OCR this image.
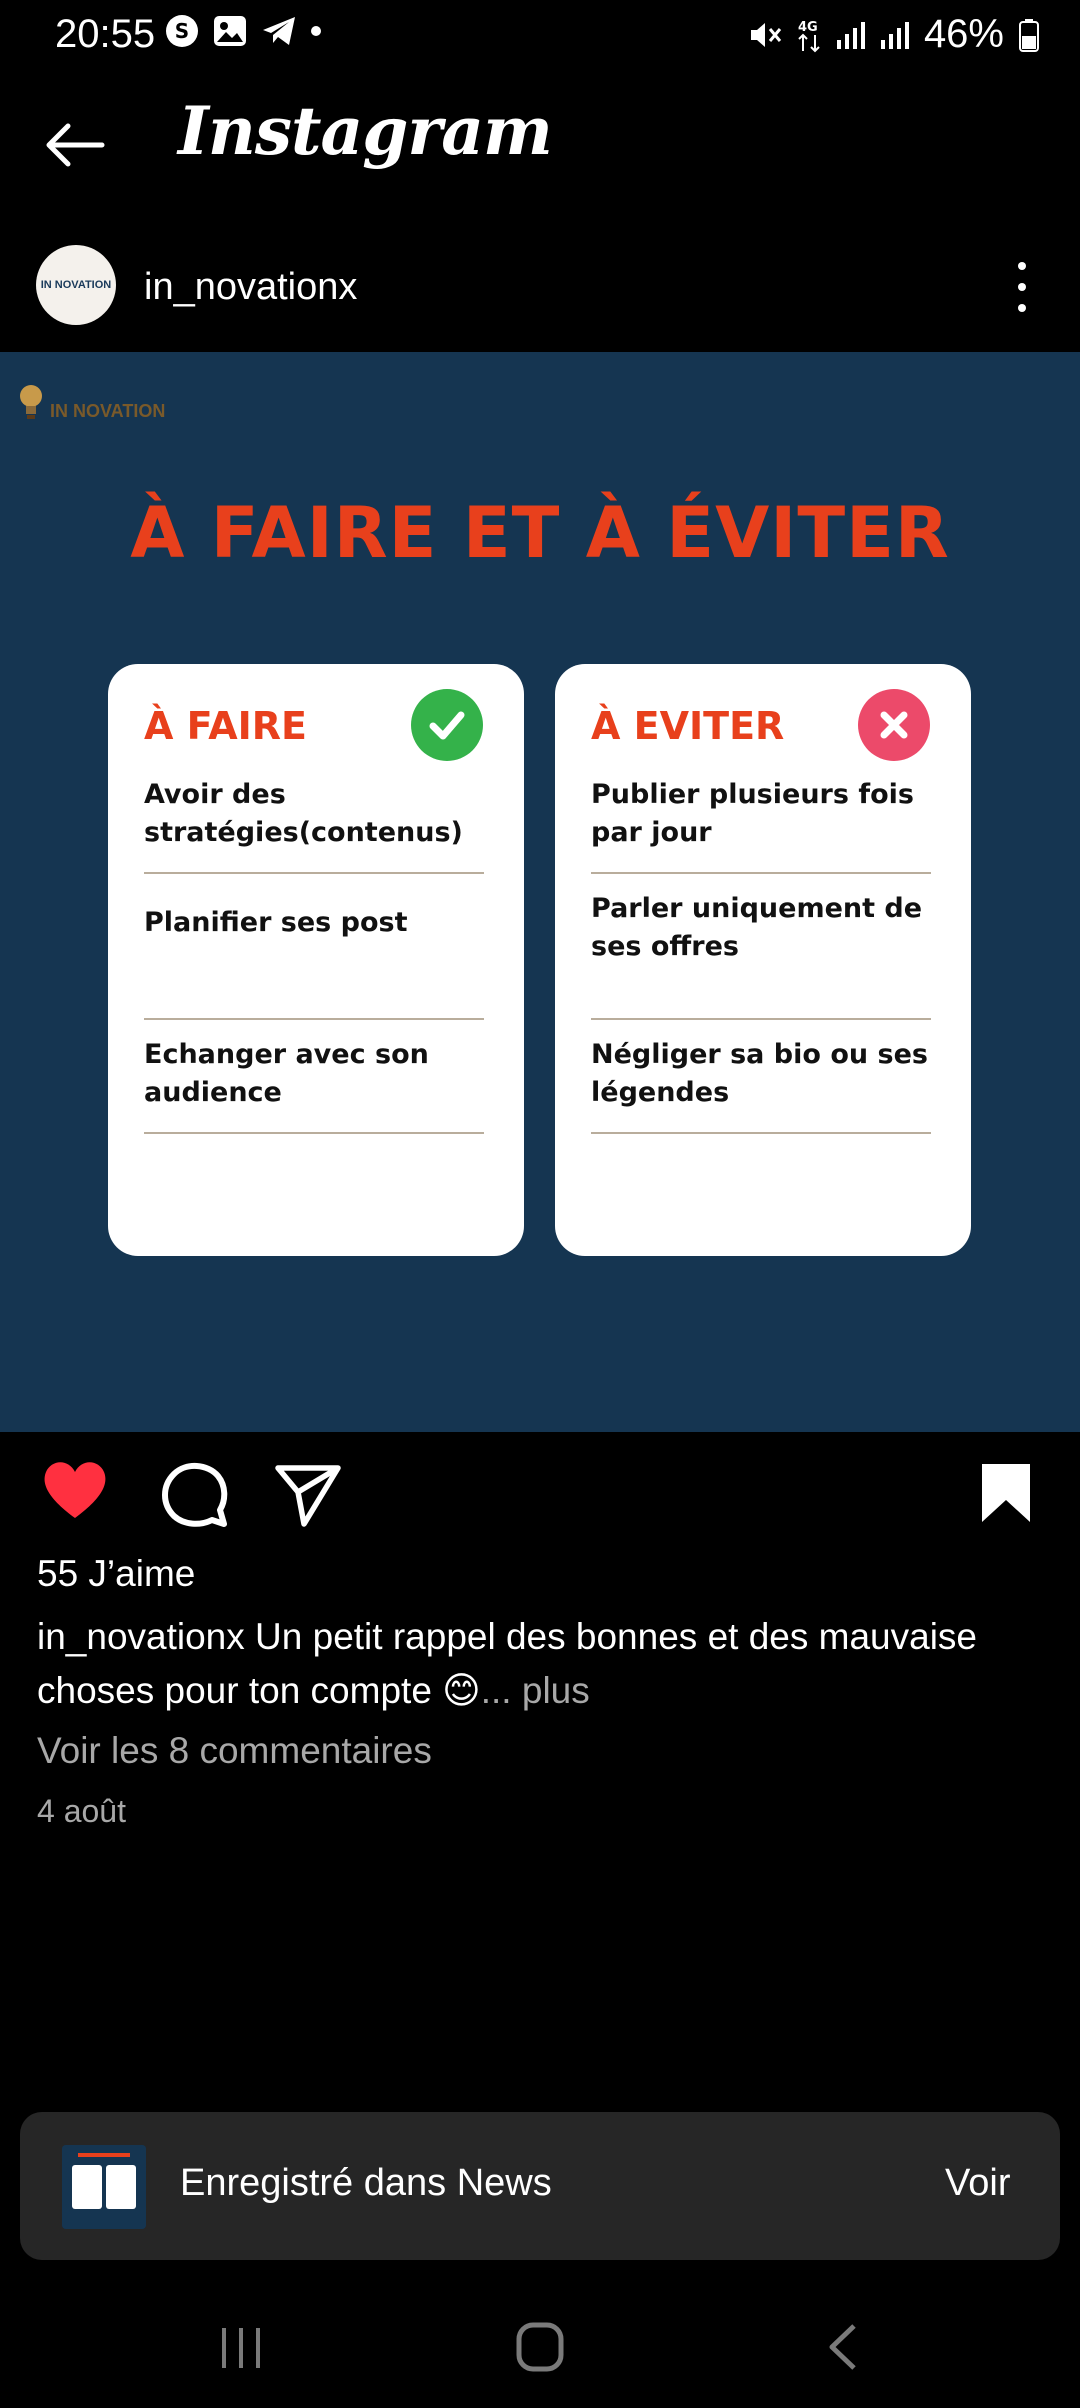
20:55 S	4G	46%
Instagram
IN NOVATION in_novationx
IN NOVATION
À FAIRE ET À ÉVITER
À FAIRE
Avoir des stratégies(contenus)
Planifier ses post
Echanger avec son audience
À EVITER
Publier plusieurs fois par jour
Parler uniquement de ses offres
Négliger sa bio ou ses légendes
55 J’aime
in_novationx Un petit rappel des bonnes et des mauvaise choses pour ton compte 😊... plus
Voir les 8 commentaires
4 août
Enregistré dans News	Voir
